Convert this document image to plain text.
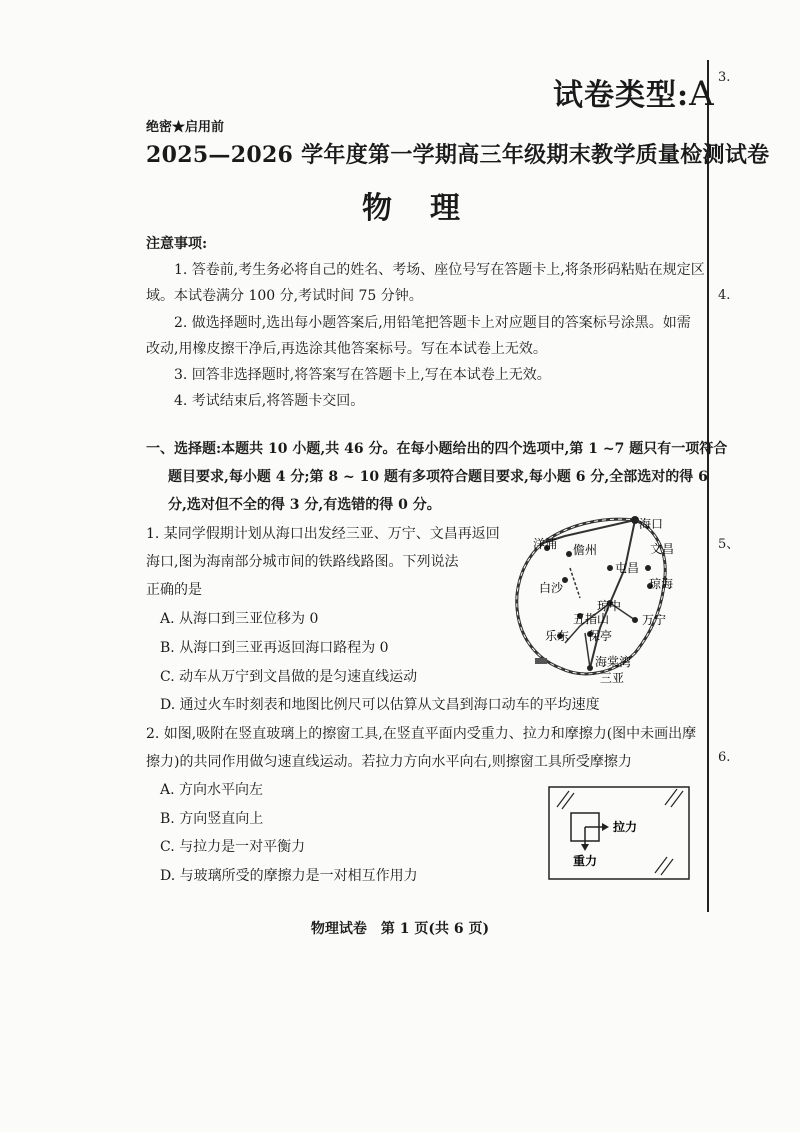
3.
4.
5、
6.
试卷类型:A
绝密★启用前
2025—2026 学年度第一学期高三年级期末教学质量检测试卷
物理
注意事项:
1. 答卷前,考生务必将自己的姓名、考场、座位号写在答题卡上,将条形码粘贴在规定区
域。本试卷满分 100 分,考试时间 75 分钟。
2. 做选择题时,选出每小题答案后,用铅笔把答题卡上对应题目的答案标号涂黑。如需
改动,用橡皮擦干净后,再选涂其他答案标号。写在本试卷上无效。
3. 回答非选择题时,将答案写在答题卡上,写在本试卷上无效。
4. 考试结束后,将答题卡交回。
一、选择题:本题共 10 小题,共 46 分。在每小题给出的四个选项中,第 1 ~7 题只有一项符合
题目要求,每小题 4 分;第 8 ~ 10 题有多项符合题目要求,每小题 6 分,全部选对的得 6
分,选对但不全的得 3 分,有选错的得 0 分。
1. 某同学假期计划从海口出发经三亚、万宁、文昌再返回
海口,图为海南部分城市间的铁路线路图。下列说法
正确的是
A. 从海口到三亚位移为 0
B. 从海口到三亚再返回海口路程为 0
C. 动车从万宁到文昌做的是匀速直线运动
D. 通过火车时刻表和地图比例尺可以估算从文昌到海口动车的平均速度
海口
文昌
琼海
万宁
海棠湾
三亚
洋浦 儋州
屯昌
白沙
琼中
五指山
乐东 保亭
2. 如图,吸附在竖直玻璃上的擦窗工具,在竖直平面内受重力、拉力和摩擦力(图中未画出摩
擦力)的共同作用做匀速直线运动。若拉力方向水平向右,则擦窗工具所受摩擦力
A. 方向水平向左
B. 方向竖直向上
C. 与拉力是一对平衡力
D. 与玻璃所受的摩擦力是一对相互作用力
拉力
重力
物理试卷　第 1 页(共 6 页)
